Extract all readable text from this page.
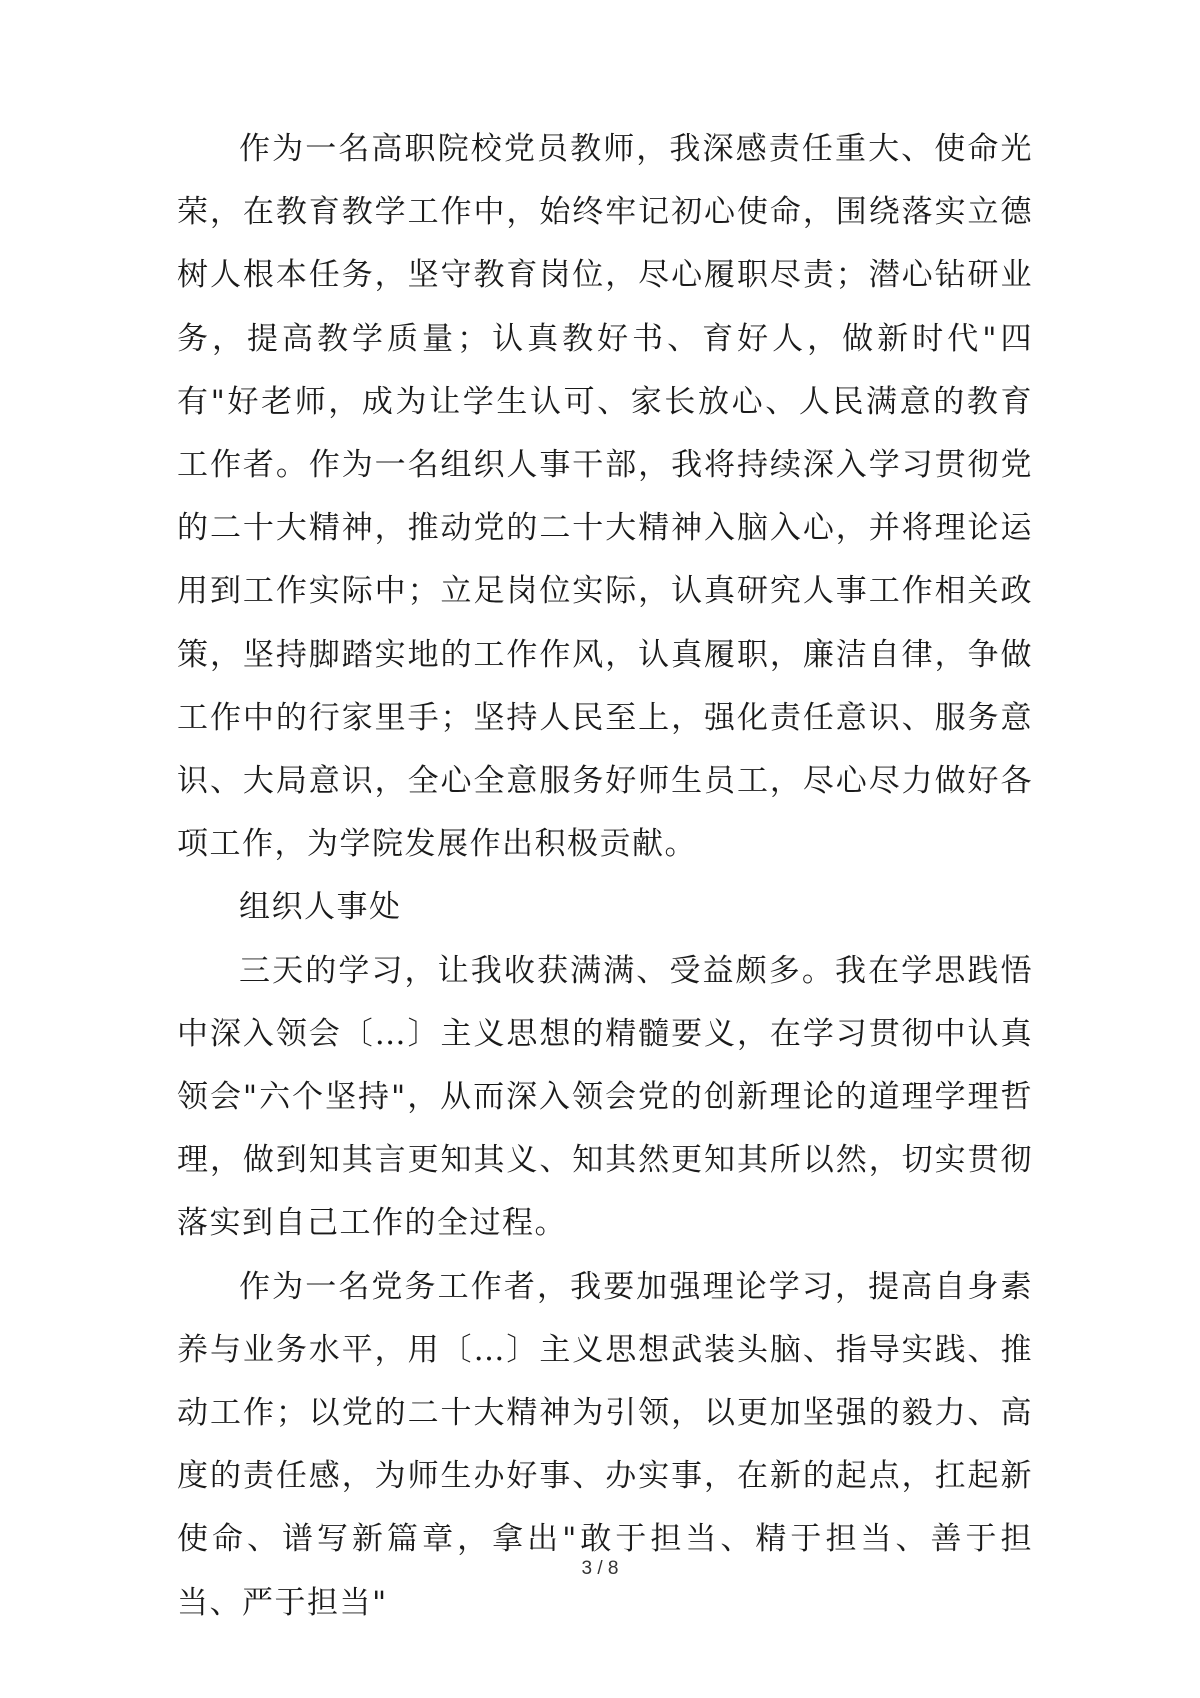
作为一名高职院校党员教师，我深感责任重大、使命光荣，在教育教学工作中，始终牢记初心使命，围绕落实立德树人根本任务，坚守教育岗位，尽心履职尽责；潜心钻研业务，提高教学质量；认真教好书、育好人，做新时代"四有"好老师，成为让学生认可、家长放心、人民满意的教育工作者。作为一名组织人事干部，我将持续深入学习贯彻党的二十大精神，推动党的二十大精神入脑入心，并将理论运用到工作实际中；立足岗位实际，认真研究人事工作相关政策，坚持脚踏实地的工作作风，认真履职，廉洁自律，争做工作中的行家里手；坚持人民至上，强化责任意识、服务意识、大局意识，全心全意服务好师生员工，尽心尽力做好各项工作，为学院发展作出积极贡献。

组织人事处

三天的学习，让我收获满满、受益颇多。我在学思践悟中深入领会〔…〕主义思想的精髓要义，在学习贯彻中认真领会"六个坚持"，从而深入领会党的创新理论的道理学理哲理，做到知其言更知其义、知其然更知其所以然，切实贯彻落实到自己工作的全过程。

作为一名党务工作者，我要加强理论学习，提高自身素养与业务水平，用〔…〕主义思想武装头脑、指导实践、推动工作；以党的二十大精神为引领，以更加坚强的毅力、高度的责任感，为师生办好事、办实事，在新的起点，扛起新使命、谱写新篇章，拿出"敢于担当、精于担当、善于担当、严于担当"

3 / 8
